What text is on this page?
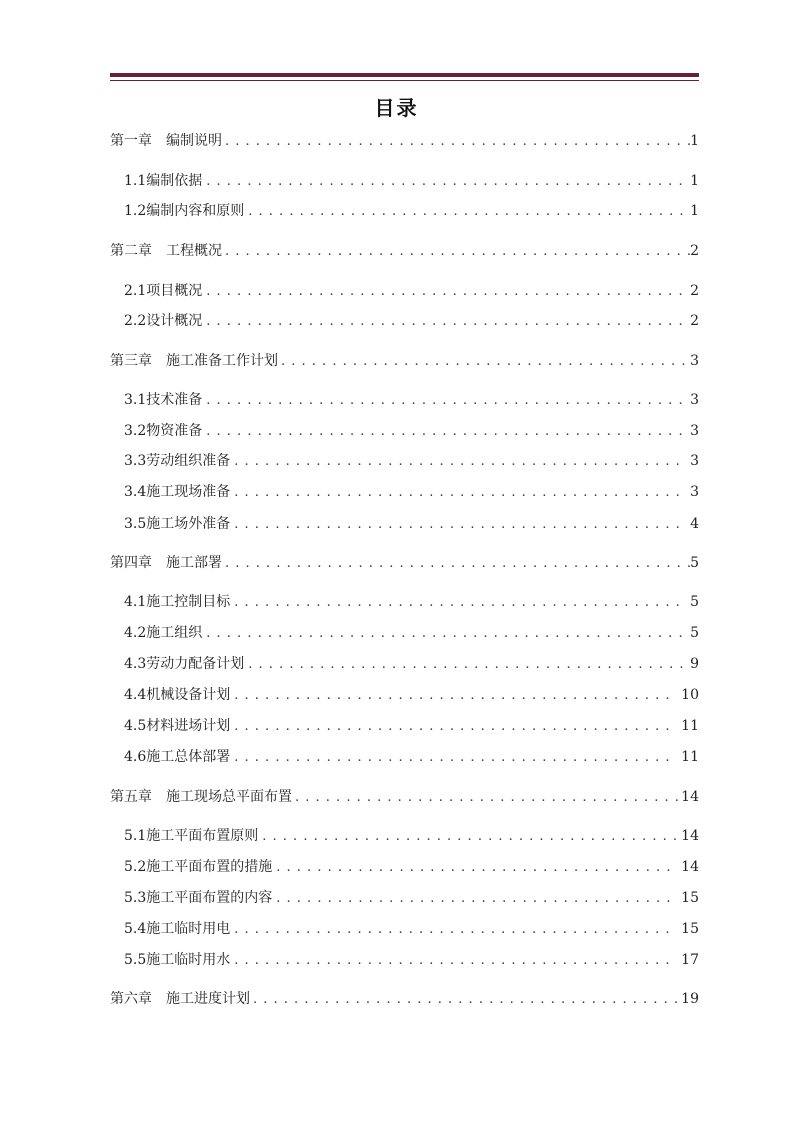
目录
第一章　编制说明 . . .	1
1.1编制依据 . . .	1
1.2编制内容和原则 . . .	1
第二章　工程概况 . . .	2
2.1项目概况 . . .	2
2.2设计概况 . . .	2
第三章　施工准备工作计划 . . .	3
3.1技术准备 . . .	3
3.2物资准备 . . .	3
3.3劳动组织准备 . . .	3
3.4施工现场准备 . . .	3
3.5施工场外准备 . . .	4
第四章　施工部署 . . .	5
4.1施工控制目标 . . .	5
4.2施工组织 . . .	5
4.3劳动力配备计划 . . .	9
4.4机械设备计划 . . .	10
4.5材料进场计划 . . .	11
4.6施工总体部署 . . .	11
第五章　施工现场总平面布置 . . .	14
5.1施工平面布置原则 . . .	14
5.2施工平面布置的措施 . . .	14
5.3施工平面布置的内容 . . .	15
5.4施工临时用电 . . .	15
5.5施工临时用水 . . .	17
第六章　施工进度计划 . . .	19
